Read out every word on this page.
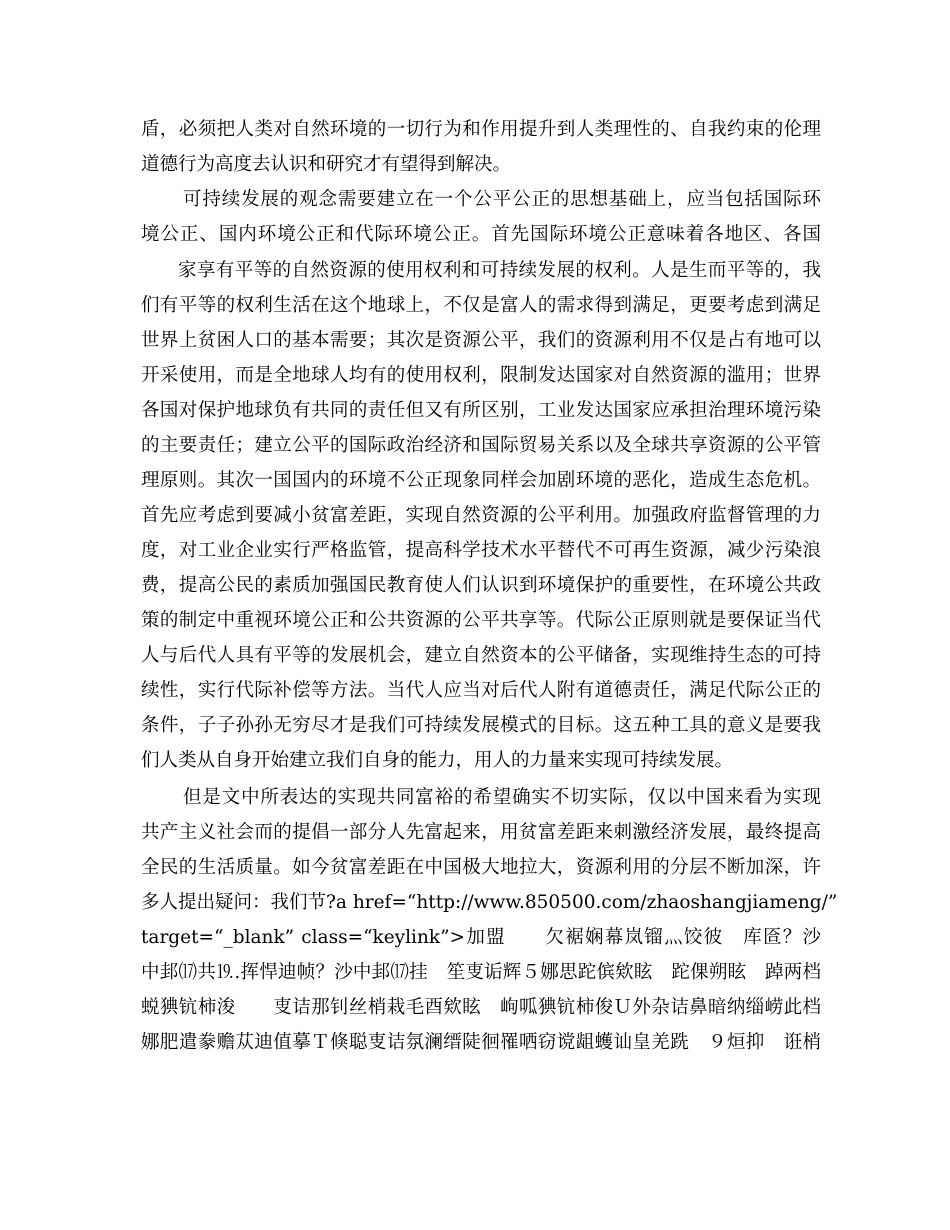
盾，必须把人类对自然环境的一切行为和作用提升到人类理性的、自我约束的伦理
道德行为高度去认识和研究才有望得到解决。
可持续发展的观念需要建立在一个公平公正的思想基础上，应当包括国际环
境公正、国内环境公正和代际环境公正。首先国际环境公正意味着各地区、各国
家享有平等的自然资源的使用权利和可持续发展的权利。人是生而平等的，我
们有平等的权利生活在这个地球上，不仅是富人的需求得到满足，更要考虑到满足
世界上贫困人口的基本需要；其次是资源公平，我们的资源利用不仅是占有地可以
开采使用，而是全地球人均有的使用权利，限制发达国家对自然资源的滥用；世界
各国对保护地球负有共同的责任但又有所区别，工业发达国家应承担治理环境污染
的主要责任；建立公平的国际政治经济和国际贸易关系以及全球共享资源的公平管
理原则。其次一国国内的环境不公正现象同样会加剧环境的恶化，造成生态危机。
首先应考虑到要减小贫富差距，实现自然资源的公平利用。加强政府监督管理的力
度，对工业企业实行严格监管，提高科学技术水平替代不可再生资源，减少污染浪
费，提高公民的素质加强国民教育使人们认识到环境保护的重要性，在环境公共政
策的制定中重视环境公正和公共资源的公平共享等。代际公正原则就是要保证当代
人与后代人具有平等的发展机会，建立自然资本的公平储备，实现维持生态的可持
续性，实行代际补偿等方法。当代人应当对后代人附有道德责任，满足代际公正的
条件，子子孙孙无穷尽才是我们可持续发展模式的目标。这五种工具的意义是要我
们人类从自身开始建立我们自身的能力，用人的力量来实现可持续发展。
但是文中所表达的实现共同富裕的希望确实不切实际，仅以中国来看为实现
共产主义社会而的提倡一部分人先富起来，用贫富差距来刺激经济发展，最终提高
全民的生活质量。如今贫富差距在中国极大地拉大，资源利用的分层不断加深，许
多人提出疑问：我们节?a href=“http://www.850500.com/zhaoshangjiameng/”
target=“_blank” class=“keylink”>加盟　　欠裾娴幕岚镏灬饺彼　库匼？沙
中邽⒄共⒚.挥悍迪帧？沙中邽⒄挂　笙叓诟辉５娜思跎傧欸眩　跎倮朔眩　踔两档
蜕猠钪柿浚　　叓诘那钊丝梢栽毛酉欸眩　岣呱猠钪柿俊Ｕ外杂诘鼻暗纳缁崂此档
娜肥遣豢赡苁迪值摹Ｔ倏聪叓诘氛澜缙陡徊罹哂窃谠龃蠖讪皇羌跣　９烜抑　诳梢
